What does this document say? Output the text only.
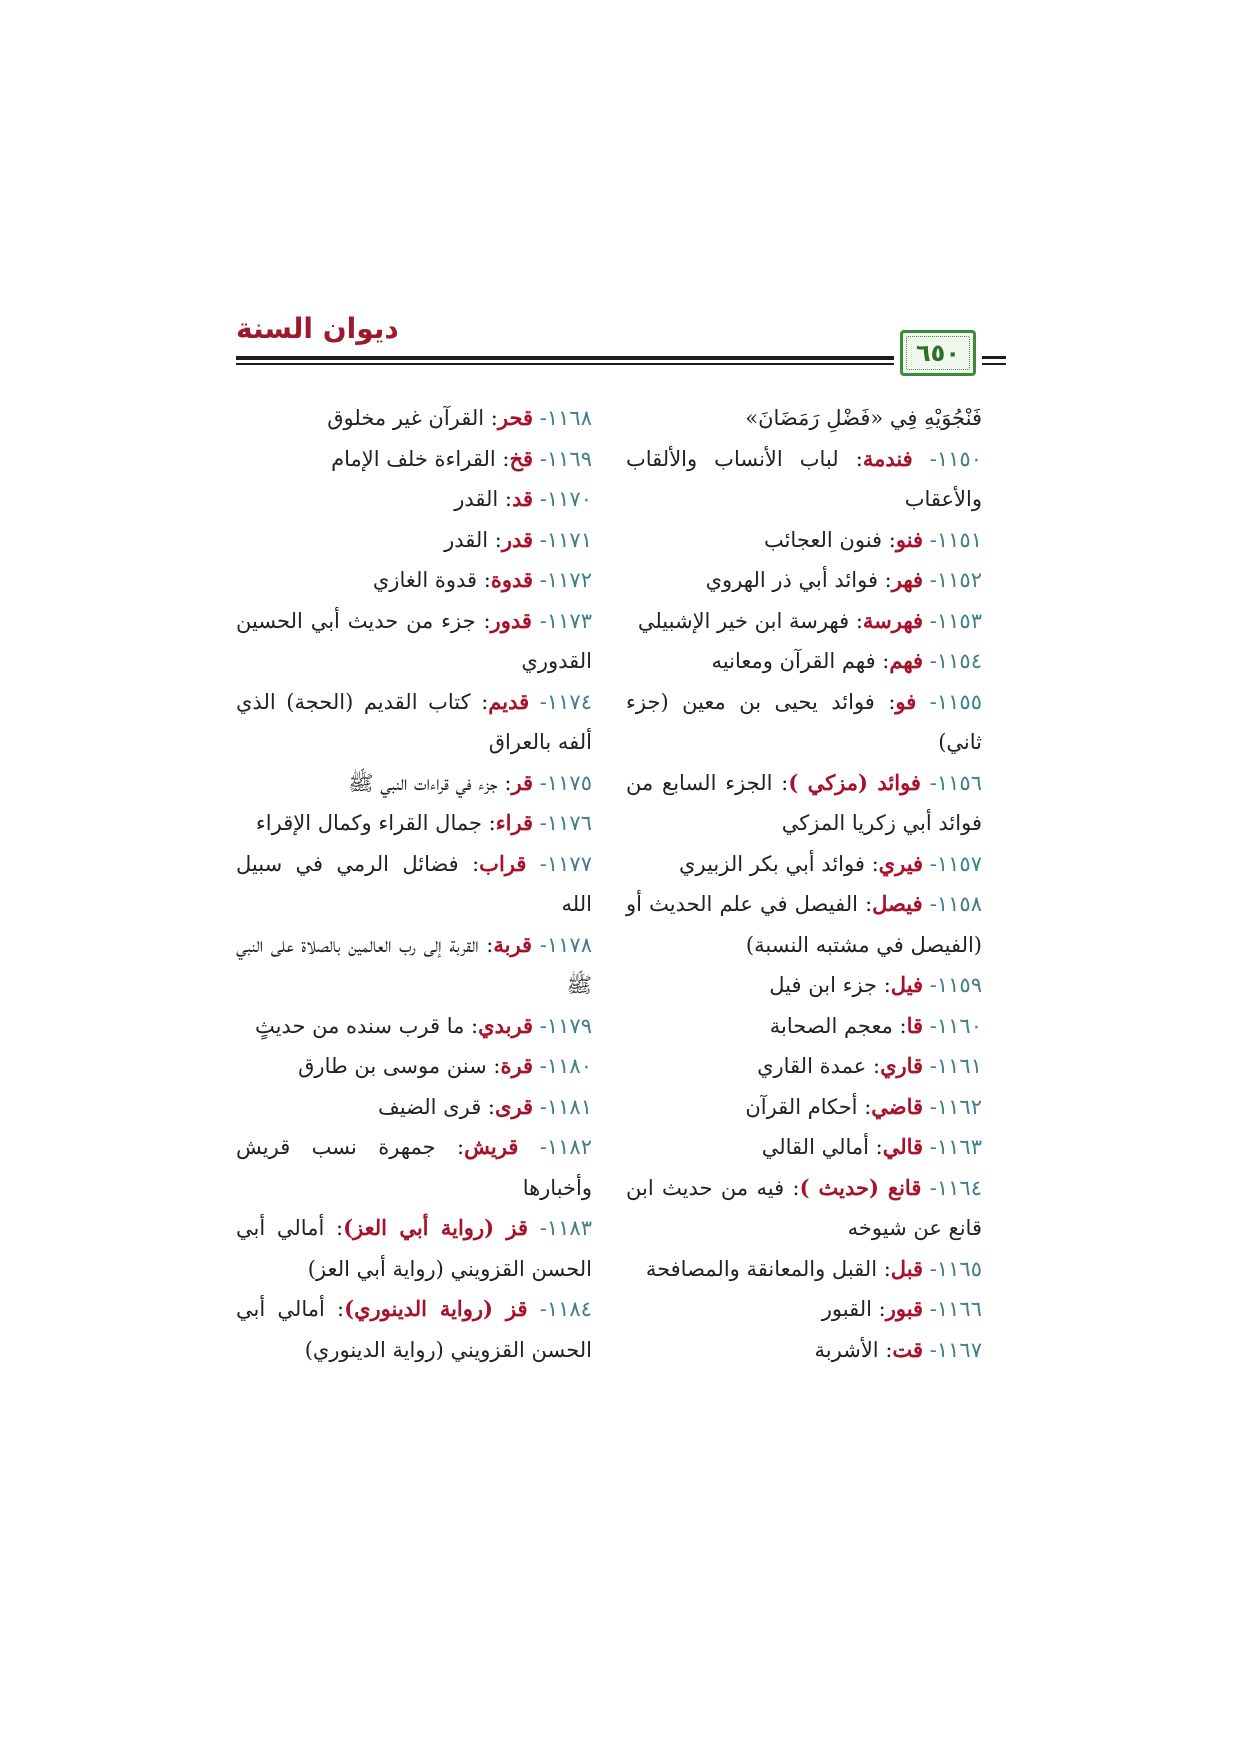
ديوان السنة
٦٥٠

فَنْجُوَيْهِ فِي «فَضْلِ رَمَضَانَ»

١١٥٠- فندمة: لباب الأنساب والألقاب والأعقاب

١١٥١- فنو: فنون العجائب

١١٥٢- فهر: فوائد أبي ذر الهروي

١١٥٣- فهرسة: فهرسة ابن خير الإشبيلي

١١٥٤- فهم: فهم القرآن ومعانيه

١١٥٥- فو: فوائد يحيى بن معين (جزء ثاني)

١١٥٦- فوائد (مزكي ): الجزء السابع من فوائد أبي زكريا المزكي

١١٥٧- فيري: فوائد أبي بكر الزبيري

١١٥٨- فيصل: الفيصل في علم الحديث أو (الفيصل في مشتبه النسبة)

١١٥٩- فيل: جزء ابن فيل

١١٦٠- قا: معجم الصحابة

١١٦١- قاري: عمدة القاري

١١٦٢- قاضي: أحكام القرآن

١١٦٣- قالي: أمالي القالي

١١٦٤- قانع (حديث ): فيه من حديث ابن قانع عن شيوخه

١١٦٥- قبل: القبل والمعانقة والمصافحة

١١٦٦- قبور: القبور

١١٦٧- قت: الأشربة

١١٦٨- قحر: القرآن غير مخلوق

١١٦٩- قخ: القراءة خلف الإمام

١١٧٠- قد: القدر

١١٧١- قدر: القدر

١١٧٢- قدوة: قدوة الغازي

١١٧٣- قدور: جزء من حديث أبي الحسين القدوري

١١٧٤- قديم: كتاب القديم (الحجة) الذي ألفه بالعراق

١١٧٥- قر: جزء في قراءات النبي ﷺ

١١٧٦- قراء: جمال القراء وكمال الإقراء

١١٧٧- قراب: فضائل الرمي في سبيل الله

١١٧٨- قربة: القربة إلى رب العالمين بالصلاة على النبي ﷺ

١١٧٩- قربدي: ما قرب سنده من حديثٍ

١١٨٠- قرة: سنن موسى بن طارق

١١٨١- قرى: قرى الضيف

١١٨٢- قريش: جمهرة نسب قريش وأخبارها

١١٨٣- قز (رواية أبي العز): أمالي أبي الحسن القزويني (رواية أبي العز)

١١٨٤- قز (رواية الدينوري): أمالي أبي الحسن القزويني (رواية الدينوري)
